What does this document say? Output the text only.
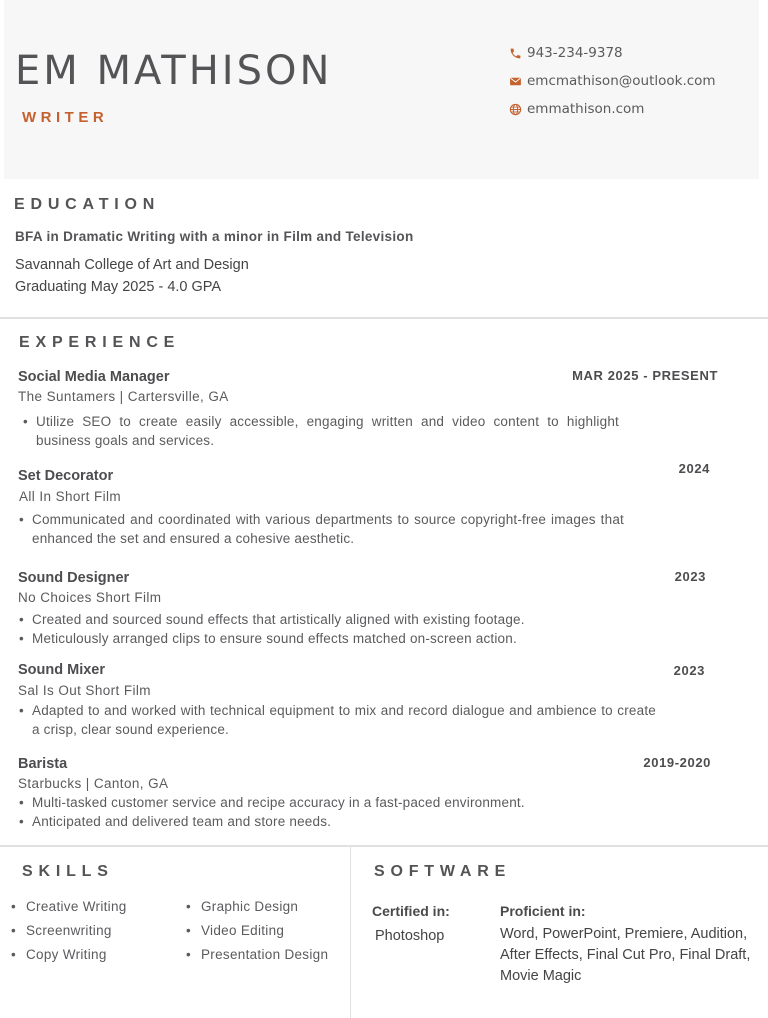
EM MATHISON
WRITER
943-234-9378
emcmathison@outlook.com
emmathison.com
EDUCATION
BFA in Dramatic Writing with a minor in Film and Television
Savannah College of Art and Design
Graduating May 2025 - 4.0 GPA
EXPERIENCE
Social Media Manager	MAR 2025 - PRESENT
The Suntamers | Cartersville, GA
• Utilize SEO to create easily accessible, engaging written and video content to highlight business goals and services.
Set Decorator	2024
All In Short Film
• Communicated and coordinated with various departments to source copyright-free images that enhanced the set and ensured a cohesive aesthetic.
Sound Designer	2023
No Choices Short Film
• Created and sourced sound effects that artistically aligned with existing footage.
• Meticulously arranged clips to ensure sound effects matched on-screen action.
Sound Mixer	2023
Sal Is Out Short Film
• Adapted to and worked with technical equipment to mix and record dialogue and ambience to create a crisp, clear sound experience.
Barista	2019-2020
Starbucks | Canton, GA
• Multi-tasked customer service and recipe accuracy in a fast-paced environment.
• Anticipated and delivered team and store needs.
SKILLS
• Creative Writing
• Screenwriting
• Copy Writing
• Graphic Design
• Video Editing
• Presentation Design
SOFTWARE
Certified in:
Photoshop
Proficient in:
Word, PowerPoint, Premiere, Audition, After Effects, Final Cut Pro, Final Draft, Movie Magic
